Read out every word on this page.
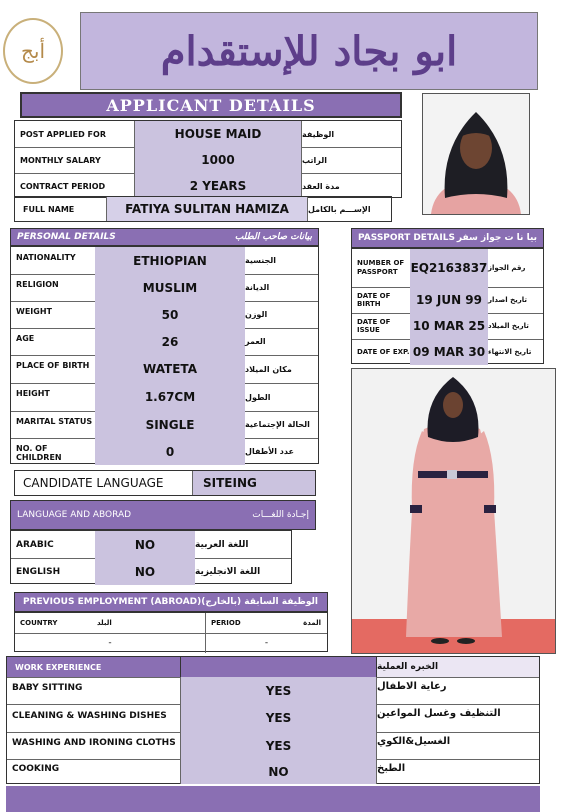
أبج	ابو بجاد للإستقدام
APPLICANT DETAILS
POST APPLIED FOR	HOUSE MAID	الوظيفة
MONTHLY SALARY	1000	الراتب
CONTRACT PERIOD	2 YEARS	مدة العقد
FULL NAME	FATIYA SULITAN HAMIZA	الإســـم بالكامل
PERSONAL DETAILS	بيانات صاحب الطلب
NATIONALITY	ETHIOPIAN	الجنسية
RELIGION	MUSLIM	الديانة
WEIGHT	50	الوزن
AGE	26	العمر
PLACE OF BIRTH	WATETA	مكان الميلاد
HEIGHT	1.67CM	الطول
MARITAL STATUS	SINGLE	الحالة الإجتماعية
NO. OF CHILDREN	0	عدد الأطفال
PASSPORT DETAILS بيا نا ت جواز سفر
NUMBER OF PASSPORT	EQ2163837 رقم الجواز
DATE OF BIRTH	19 JUN 99 تاريخ اصدار
DATE OF ISSUE	10 MAR 25 تاريخ الميلاد
DATE OF EXP. 09 MAR 30 تاريخ الانتهاء
CANDIDATE LANGUAGE	SITEING
LANGUAGE AND ABORAD	إجـادة اللغـــات
ARABIC	NO	اللغة العربية
ENGLISH	NO	اللغة الانجليزية
PREVIOUS EMPLOYMENT (ABROAD)(الوظيفة السابقة (بالخارج
COUNTRY	البلد	PERIOD	المدة
-	-
WORK EXPERIENCE	الخبره العملية
BABY SITTING	YES	رعاية الاطفال
CLEANING & WASHING DISHES	YES	التنظيف وغسل المواعين
WASHING AND IRONING CLOTHS	YES	الغسيل&الكوي
COOKING	NO	الطبخ
